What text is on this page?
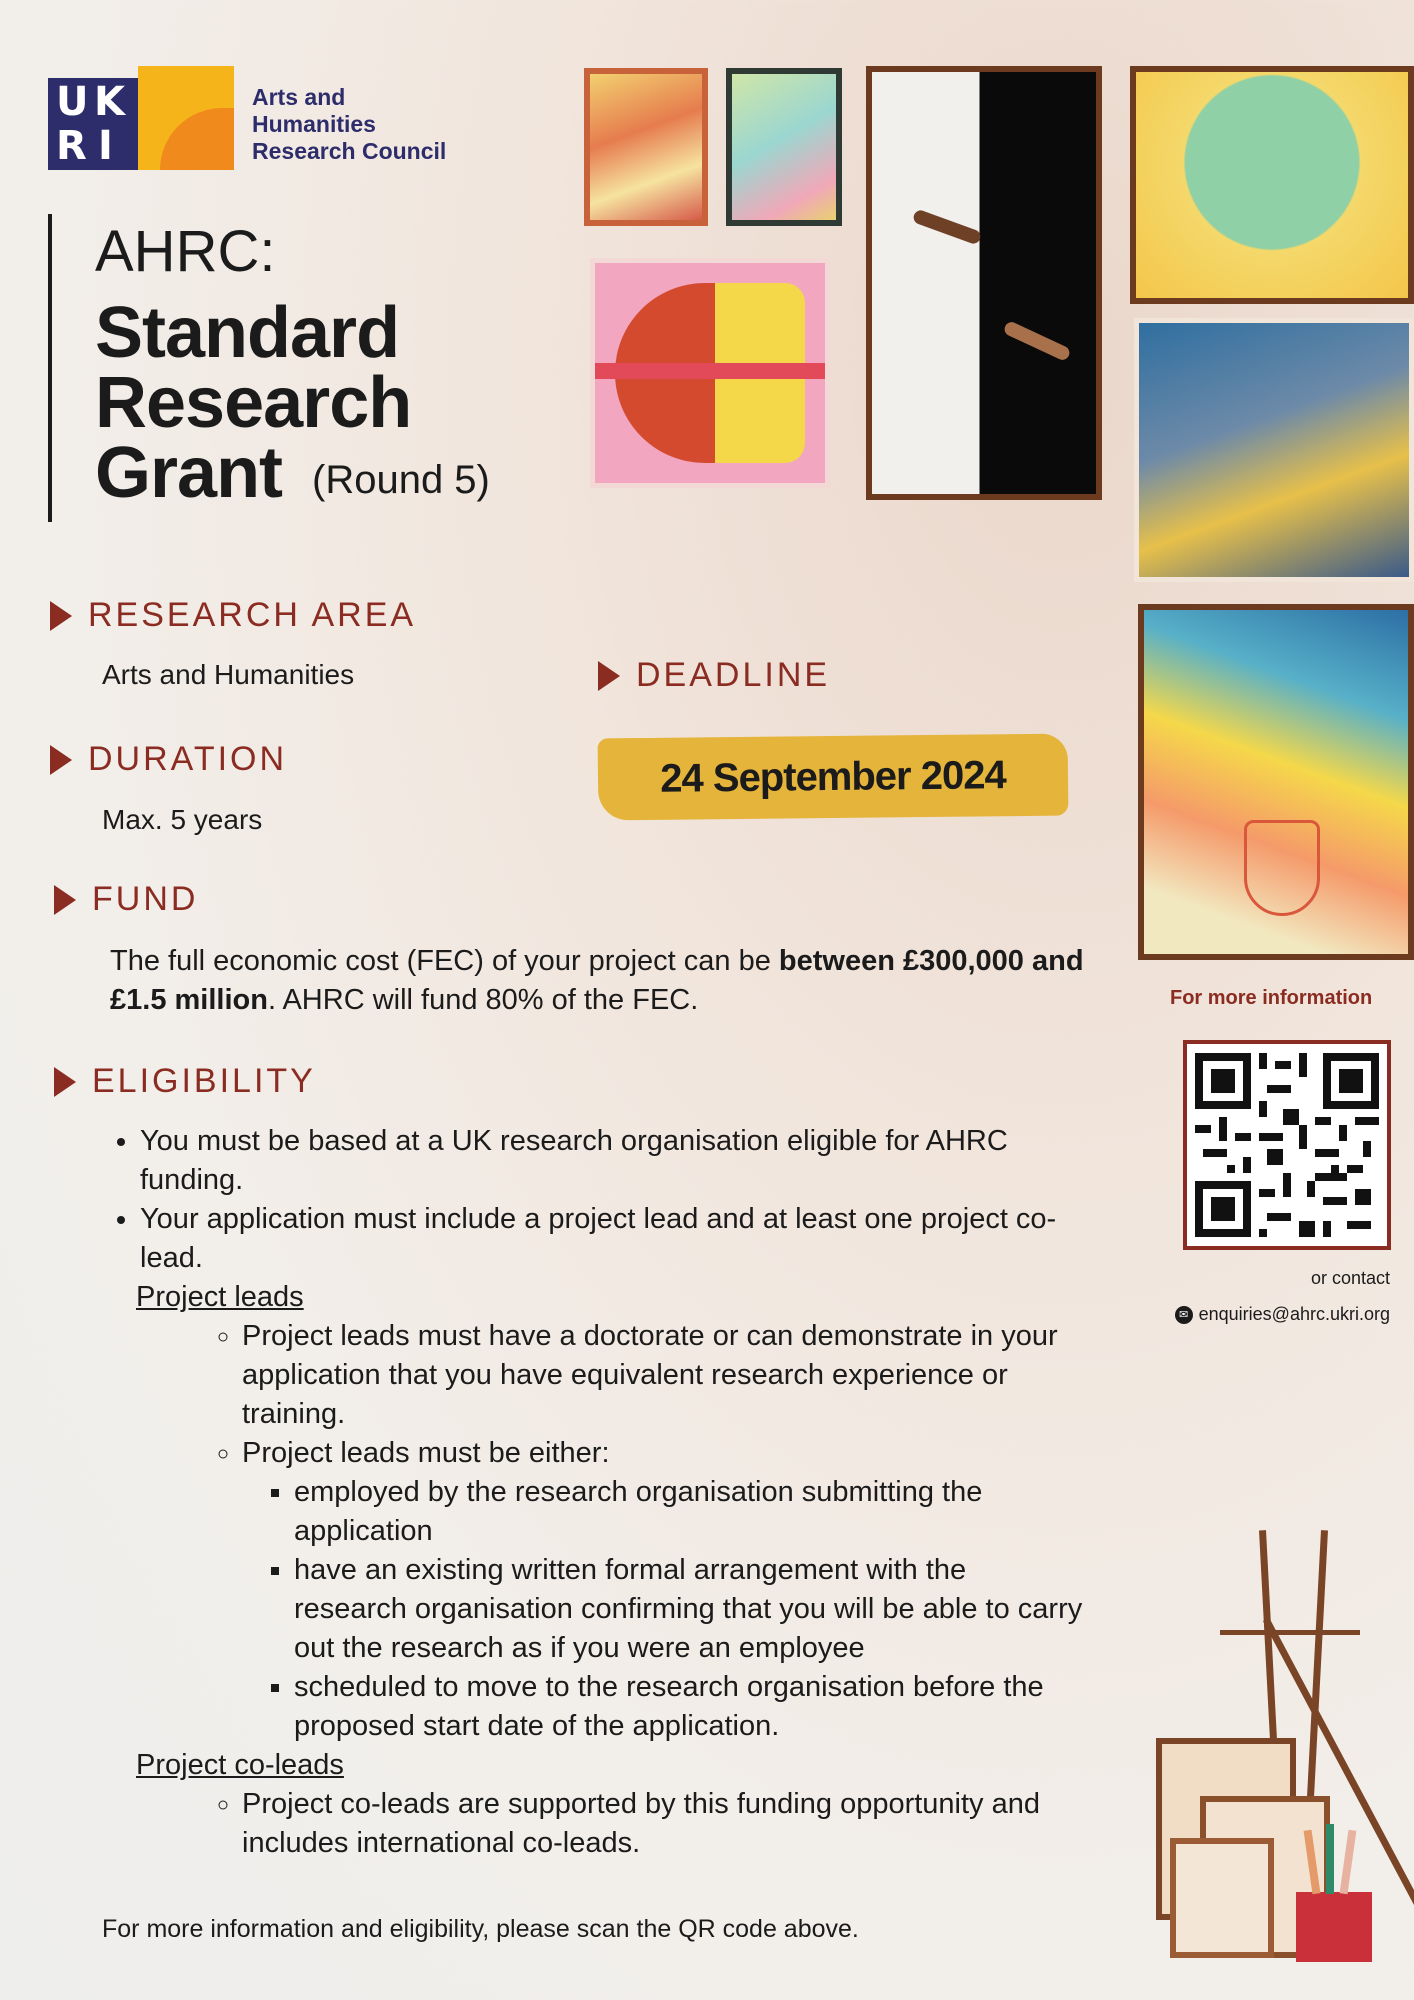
U K
R I
Arts and
Humanities
Research Council
AHRC:
Standard
Research
Grant (Round 5)
RESEARCH AREA
Arts and Humanities
DURATION
Max. 5 years
DEADLINE
24 September 2024
FUND
The full economic cost (FEC) of your project can be between £300,000 and £1.5 million. AHRC will fund 80% of the FEC.
ELIGIBILITY
• You must be based at a UK research organisation eligible for AHRC funding.
• Your application must include a project lead and at least one project co-lead.
Project leads
◦ Project leads must have a doctorate or can demonstrate in your application that you have equivalent research experience or training.
◦ Project leads must be either:
▪ employed by the research organisation submitting the application
▪ have an existing written formal arrangement with the research organisation confirming that you will be able to carry out the research as if you were an employee
▪ scheduled to move to the research organisation before the proposed start date of the application.
Project co-leads
◦ Project co-leads are supported by this funding opportunity and includes international co-leads.
For more information
or contact
✉ enquiries@ahrc.ukri.org
For more information and eligibility, please scan the QR code above.
